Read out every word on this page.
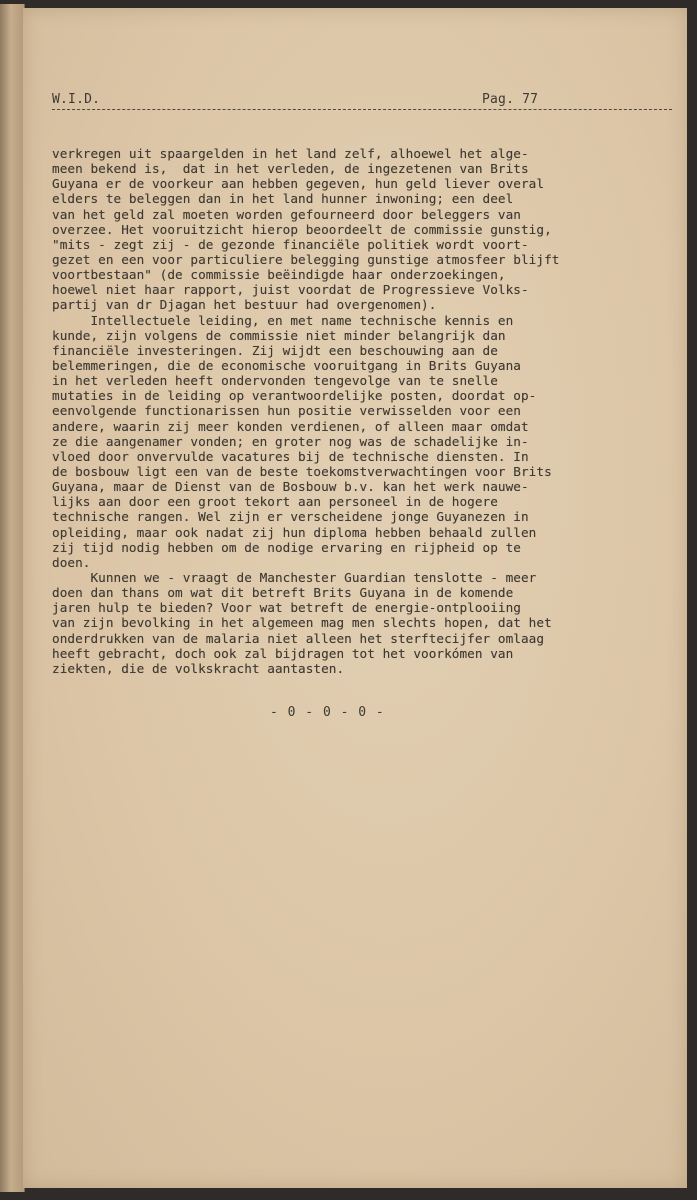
W.I.D.	Pag. 77
verkregen uit spaargelden in het land zelf, alhoewel het alge-
meen bekend is,  dat in het verleden, de ingezetenen van Brits
Guyana er de voorkeur aan hebben gegeven, hun geld liever overal
elders te beleggen dan in het land hunner inwoning; een deel
van het geld zal moeten worden gefourneerd door beleggers van
overzee. Het vooruitzicht hierop beoordeelt de commissie gunstig,
"mits - zegt zij - de gezonde financiële politiek wordt voort-
gezet en een voor particuliere belegging gunstige atmosfeer blijft
voortbestaan" (de commissie beëindigde haar onderzoekingen,
hoewel niet haar rapport, juist voordat de Progressieve Volks-
partij van dr Djagan het bestuur had overgenomen).
Intellectuele leiding, en met name technische kennis en
kunde, zijn volgens de commissie niet minder belangrijk dan
financiële investeringen. Zij wijdt een beschouwing aan de
belemmeringen, die de economische vooruitgang in Brits Guyana
in het verleden heeft ondervonden tengevolge van te snelle
mutaties in de leiding op verantwoordelijke posten, doordat op-
eenvolgende functionarissen hun positie verwisselden voor een
andere, waarin zij meer konden verdienen, of alleen maar omdat
ze die aangenamer vonden; en groter nog was de schadelijke in-
vloed door onvervulde vacatures bij de technische diensten. In
de bosbouw ligt een van de beste toekomstverwachtingen voor Brits
Guyana, maar de Dienst van de Bosbouw b.v. kan het werk nauwe-
lijks aan door een groot tekort aan personeel in de hogere
technische rangen. Wel zijn er verscheidene jonge Guyanezen in
opleiding, maar ook nadat zij hun diploma hebben behaald zullen
zij tijd nodig hebben om de nodige ervaring en rijpheid op te
doen.
Kunnen we - vraagt de Manchester Guardian tenslotte - meer
doen dan thans om wat dit betreft Brits Guyana in de komende
jaren hulp te bieden? Voor wat betreft de energie-ontplooiing
van zijn bevolking in het algemeen mag men slechts hopen, dat het
onderdrukken van de malaria niet alleen het sterftecijfer omlaag
heeft gebracht, doch ook zal bijdragen tot het voorkómen van
ziekten, die de volkskracht aantasten.
- 0 - 0 - 0 -
